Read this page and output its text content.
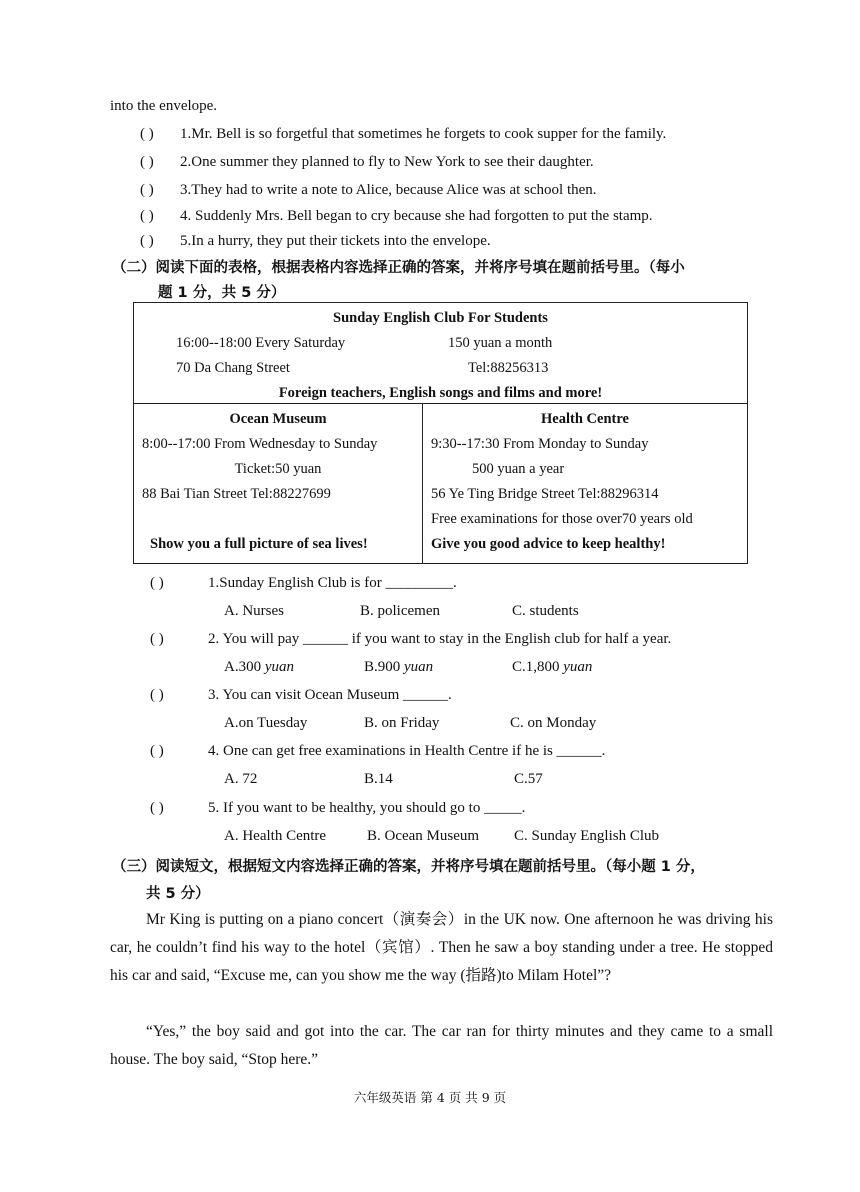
into the envelope.
( ) 1.Mr. Bell is so forgetful that sometimes he forgets to cook supper for the family.
( ) 2.One summer they planned to fly to New York to see their daughter.
( ) 3.They had to write a note to Alice, because Alice was at school then.
( ) 4. Suddenly Mrs. Bell began to cry because she had forgotten to put the stamp.
( ) 5.In a hurry, they put their tickets into the envelope.
（二）阅读下面的表格，根据表格内容选择正确的答案，并将序号填在题前括号里。（每小
题 1 分，共 5 分）
Sunday English Club For Students
16:00--18:00 Every Saturday	150 yuan a month
70 Da Chang Street	Tel:88256313
Foreign teachers, English songs and films and more!
Ocean Museum
8:00--17:00 From Wednesday to Sunday
Ticket:50 yuan
88 Bai Tian Street Tel:88227699
Show you a full picture of sea lives!
Health Centre
9:30--17:30 From Monday to Sunday
500 yuan a year
56 Ye Ting Bridge Street Tel:88296314
Free examinations for those over70 years old
Give you good advice to keep healthy!
( )	1.Sunday English Club is for _________.
A. Nurses	B. policemen	C. students
( )	2. You will pay ______ if you want to stay in the English club for half a year.
A.300 yuan	B.900 yuan	C.1,800 yuan
( )	3. You can visit Ocean Museum ______.
A.on Tuesday	B. on Friday	C. on Monday
( )	4. One can get free examinations in Health Centre if he is ______.
A. 72	B.14	C.57
( )	5. If you want to be healthy, you should go to _____.
A. Health Centre	B. Ocean Museum C. Sunday English Club
（三）阅读短文，根据短文内容选择正确的答案，并将序号填在题前括号里。（每小题 1 分，
共 5 分）
Mr King is putting on a piano concert（演奏会）in the UK now. One afternoon he was driving his car, he couldn’t find his way to the hotel（宾馆）. Then he saw a boy standing under a tree. He stopped his car and said, “Excuse me, can you show me the way (指路)to Milam Hotel”?
“Yes,” the boy said and got into the car. The car ran for thirty minutes and they came to a small house. The boy said, “Stop here.”
六年级英语 第 4 页 共 9 页
